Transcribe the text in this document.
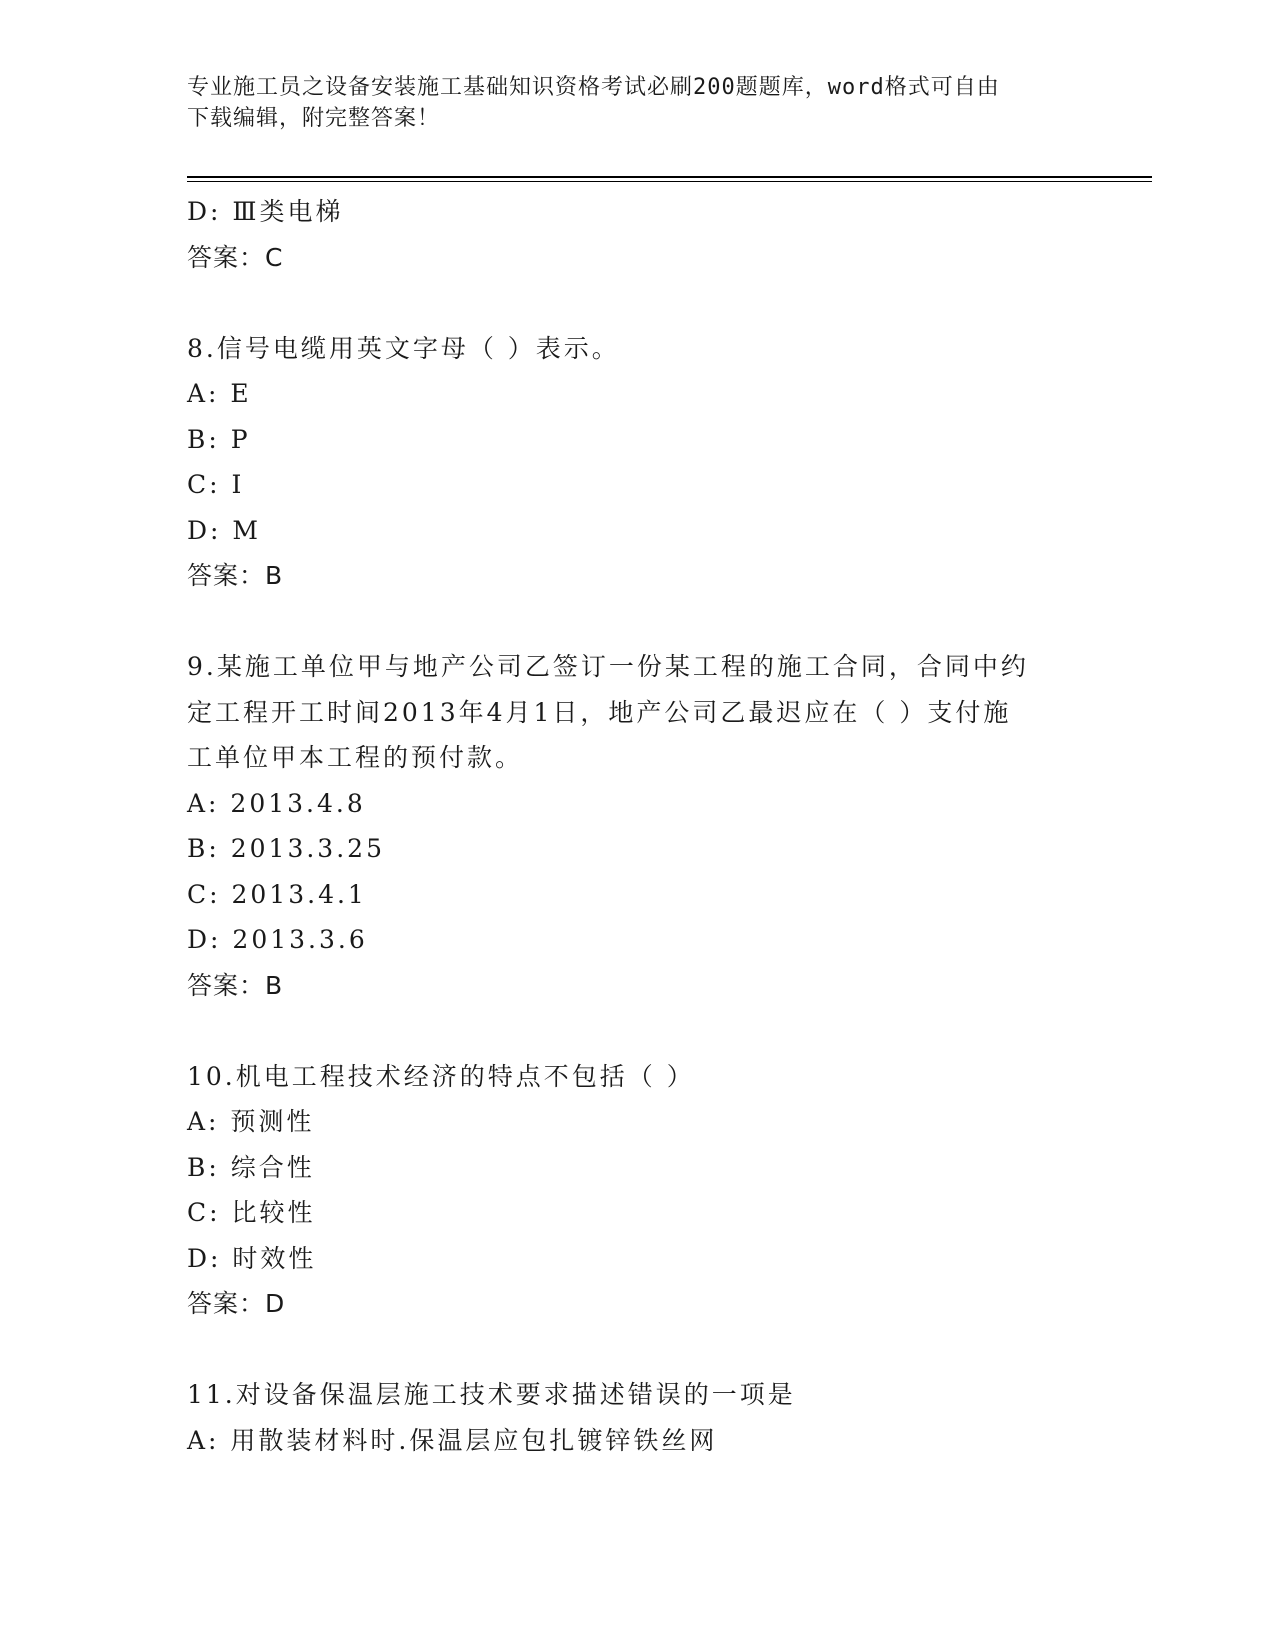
专业施工员之设备安装施工基础知识资格考试必刷200题题库，word格式可自由
下载编辑，附完整答案！
D: Ⅲ类电梯
答案：C
8.信号电缆用英文字母（ ）表示。
A: E
B: P
C: I
D: M
答案：B
9.某施工单位甲与地产公司乙签订一份某工程的施工合同，合同中约
定工程开工时间2013年4月1日，地产公司乙最迟应在（ ）支付施
工单位甲本工程的预付款。
A: 2013.4.8
B: 2013.3.25
C: 2013.4.1
D: 2013.3.6
答案：B
10.机电工程技术经济的特点不包括（ ）
A: 预测性
B: 综合性
C: 比较性
D: 时效性
答案：D
11.对设备保温层施工技术要求描述错误的一项是
A: 用散装材料时.保温层应包扎镀锌铁丝网
